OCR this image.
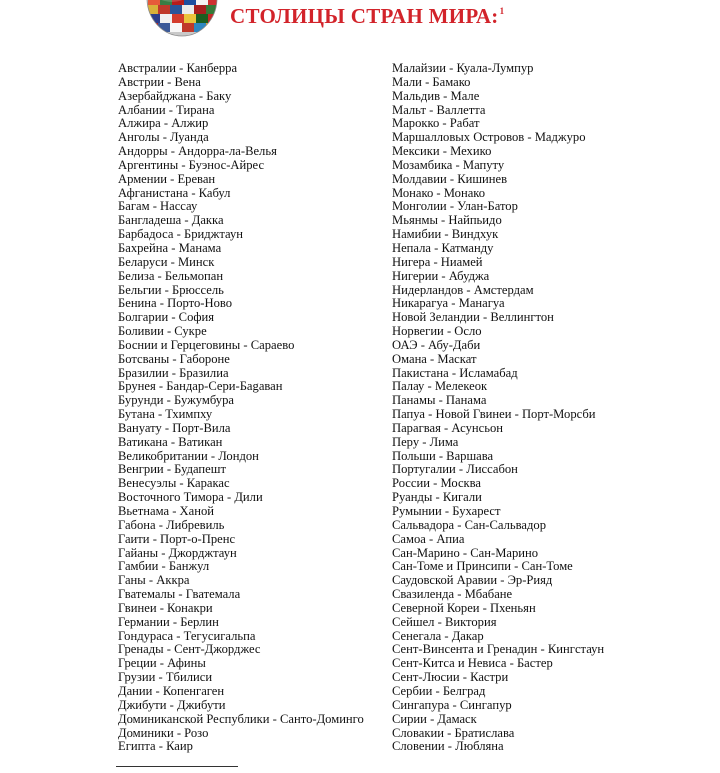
СТОЛИЦЫ СТРАН МИРА:$^1$
Австралии - Канберра
Австрии - Вена
Азербайджана - Баку
Албании - Тирана
Алжира - Алжир
Анголы - Луанда
Андорры - Андорра-ла-Велья
Аргентины - Буэнос-Айрес
Армении - Ереван
Афганистана - Кабул
Багам - Нассау
Бангладеша - Дакка
Барбадоса - Бриджтаун
Бахрейна - Манама
Беларуси - Минск
Белиза - Бельмопан
Бельгии - Брюссель
Бенина - Порто-Ново
Болгарии - София
Боливии - Сукре
Боснии и Герцеговины - Сараево
Ботсваны - Габороне
Бразилии - Бразилиа
Брунея - Бандар-Сери-Бagаван
Бурунди - Бужумбура
Бутана - Тхимпху
Вануату - Порт-Вила
Ватикана - Ватикан
Великобритании - Лондон
Венгрии - Будапешт
Венесуэлы - Каракас
Восточного Тимора - Дили
Вьетнама - Ханой
Габона - Либревиль
Гаити - Порт-о-Пренс
Гайаны - Джорджтаун
Гамбии - Банжул
Ганы - Аккра
Гватемалы - Гватемала
Гвинеи - Конакри
Германии - Берлин
Гондураса - Тегусигальпа
Гренады - Сент-Джорджес
Греции - Афины
Грузии - Тбилиси
Дании - Копенгаген
Джибути - Джибути
Доминиканской Республики - Санто-Доминго
Доминики - Розо
Египта - Каир
Малайзии - Куала-Лумпур
Мали - Бамако
Мальдив - Мале
Мальт - Валлетта
Марокко - Рабат
Маршалловых Островов - Маджуро
Мексики - Мехико
Мозамбика - Мапуту
Молдавии - Кишинев
Монако - Монако
Монголии - Улан-Батор
Мьянмы - Найпьидо
Намибии - Виндхук
Непала - Катманду
Нигера - Ниамей
Нигерии - Абуджа
Нидерландов - Амстердам
Никарагуа - Манагуа
Новой Зеландии - Веллингтон
Норвегии - Осло
ОАЭ - Абу-Даби
Омана - Маскат
Пакистана - Исламабад
Палау - Мелекеок
Панамы - Панама
Папуа - Новой Гвинеи - Порт-Морсби
Парагвая - Асунсьон
Перу - Лима
Польши - Варшава
Португалии - Лиссабон
России - Москва
Руанды - Кигали
Румынии - Бухарест
Сальвадора - Сан-Сальвадор
Самоа - Апиа
Сан-Марино - Сан-Марино
Сан-Томе и Принсипи - Сан-Томе
Саудовской Аравии - Эр-Рияд
Свазиленда - Мбабане
Северной Кореи - Пхеньян
Сейшел - Виктория
Сенегала - Дакар
Сент-Винсента и Гренадин - Кингстаун
Сент-Китса и Невиса - Бастер
Сент-Люсии - Кастри
Сербии - Белград
Сингапура - Сингапур
Сирии - Дамаск
Словакии - Братислава
Словении - Любляна
